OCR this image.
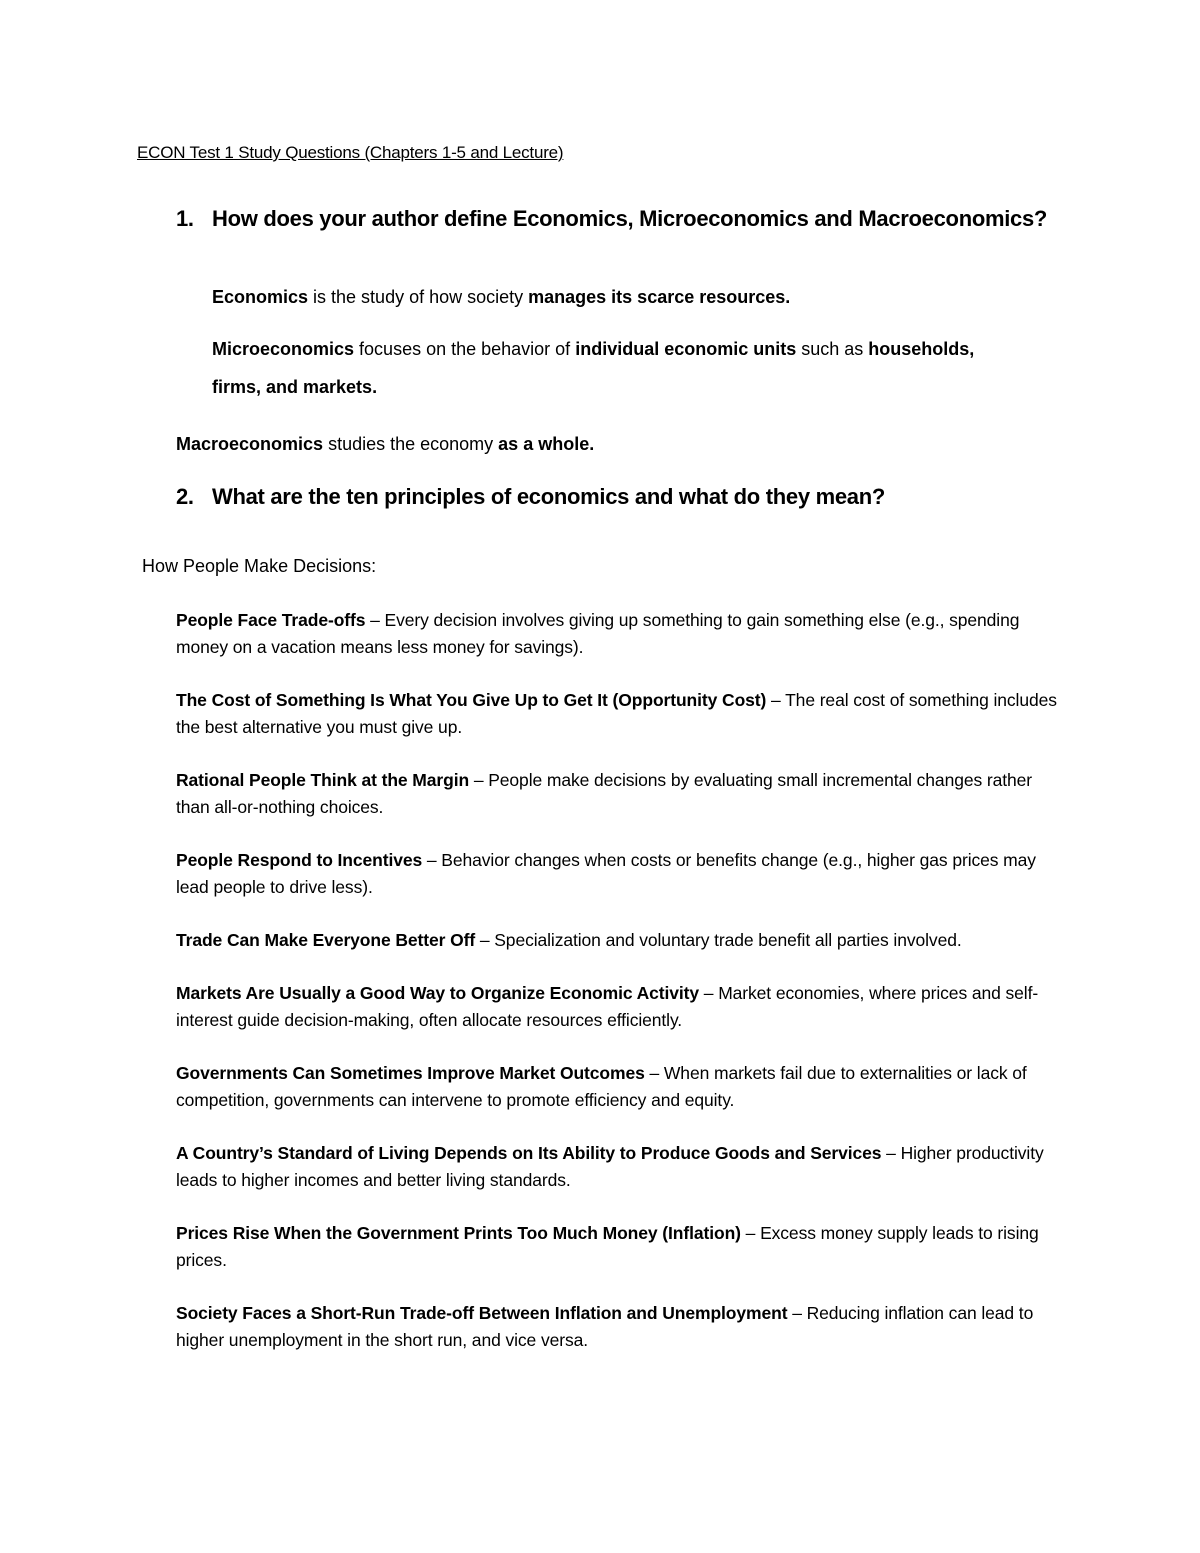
ECON Test 1 Study Questions (Chapters 1-5 and Lecture)
1. How does your author define Economics, Microeconomics and Macroeconomics?
Economics is the study of how society manages its scarce resources.
Microeconomics focuses on the behavior of individual economic units such as households,
firms, and markets.
Macroeconomics studies the economy as a whole.
2. What are the ten principles of economics and what do they mean?
How People Make Decisions:

People Face Trade-offs – Every decision involves giving up something to gain something else (e.g., spending money on a vacation means less money for savings).

The Cost of Something Is What You Give Up to Get It (Opportunity Cost) – The real cost of something includes the best alternative you must give up.

Rational People Think at the Margin – People make decisions by evaluating small incremental changes rather than all-or-nothing choices.

People Respond to Incentives – Behavior changes when costs or benefits change (e.g., higher gas prices may lead people to drive less).

Trade Can Make Everyone Better Off – Specialization and voluntary trade benefit all parties involved.

Markets Are Usually a Good Way to Organize Economic Activity – Market economies, where prices and self-interest guide decision-making, often allocate resources efficiently.

Governments Can Sometimes Improve Market Outcomes – When markets fail due to externalities or lack of competition, governments can intervene to promote efficiency and equity.

A Country’s Standard of Living Depends on Its Ability to Produce Goods and Services – Higher productivity leads to higher incomes and better living standards.

Prices Rise When the Government Prints Too Much Money (Inflation) – Excess money supply leads to rising prices.

Society Faces a Short-Run Trade-off Between Inflation and Unemployment – Reducing inflation can lead to higher unemployment in the short run, and vice versa.
